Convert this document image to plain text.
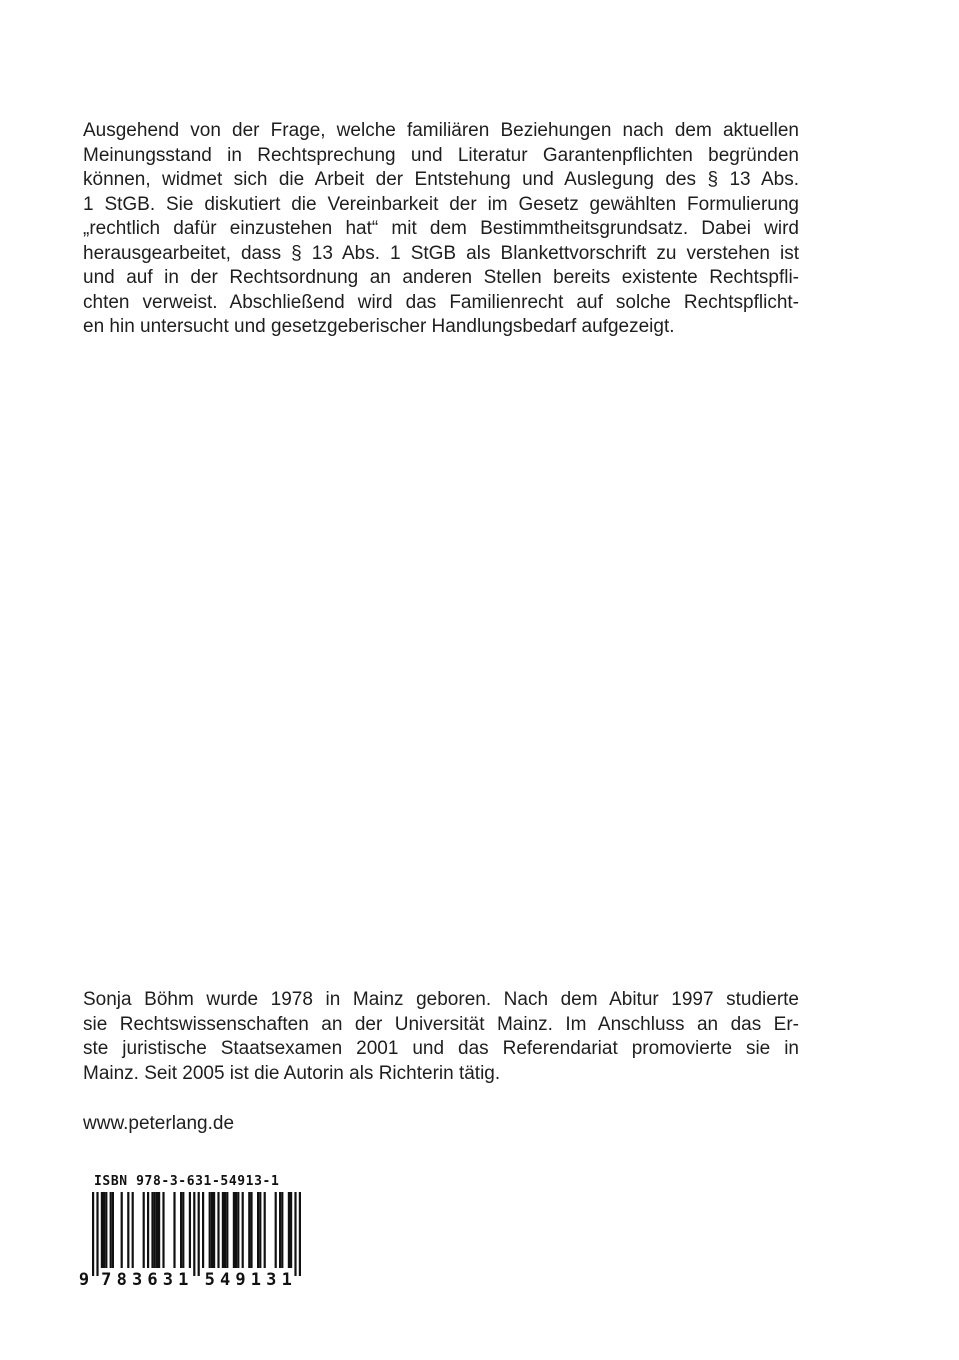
Ausgehend von der Frage, welche familiären Beziehungen nach dem aktuellen
Meinungsstand in Rechtsprechung und Literatur Garantenpflichten begründen
können, widmet sich die Arbeit der Entstehung und Auslegung des § 13 Abs.
1 StGB. Sie diskutiert die Vereinbarkeit der im Gesetz gewählten Formulierung
„rechtlich dafür einzustehen hat“ mit dem Bestimmtheitsgrundsatz. Dabei wird
herausgearbeitet, dass § 13 Abs. 1 StGB als Blankettvorschrift zu verstehen ist
und auf in der Rechtsordnung an anderen Stellen bereits existente Rechtspfli-
chten verweist. Abschließend wird das Familienrecht auf solche Rechtspflicht-
en hin untersucht und gesetzgeberischer Handlungsbedarf aufgezeigt.
Sonja Böhm wurde 1978 in Mainz geboren. Nach dem Abitur 1997 studierte
sie Rechtswissenschaften an der Universität Mainz. Im Anschluss an das Er-
ste juristische Staatsexamen 2001 und das Referendariat promovierte sie in
Mainz. Seit 2005 ist die Autorin als Richterin tätig.
www.peterlang.de
ISBN 978-3-631-54913-1
9 7 8 3 6 3 1 5 4 9 1 3 1
